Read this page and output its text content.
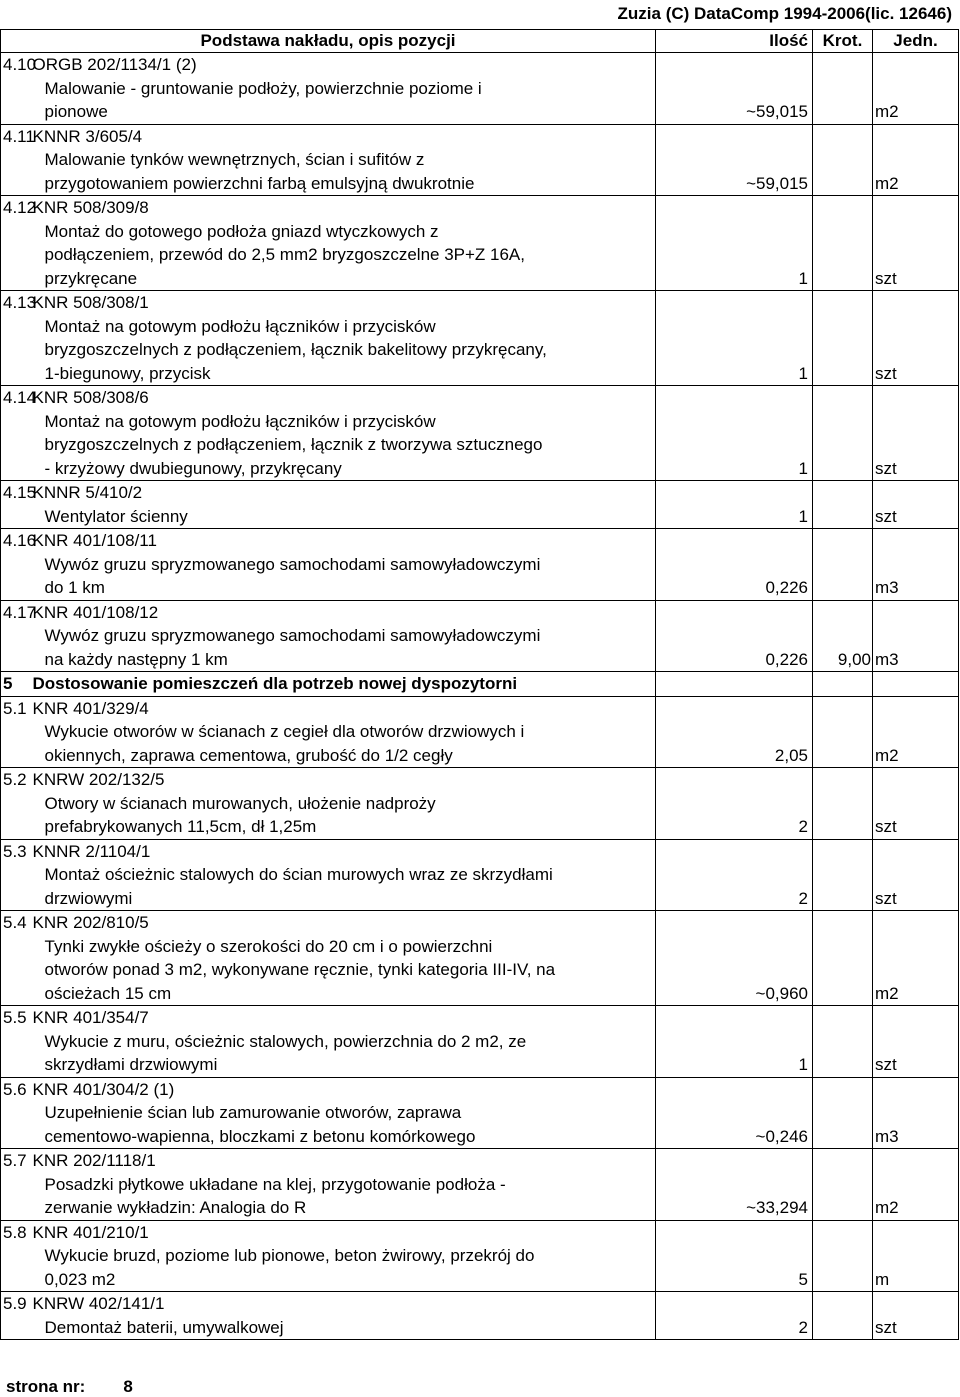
Zuzia (C) DataComp 1994-2006(lic. 12646)
Podstawa nakładu, opis pozycji		Ilość	Krot.	Jedn.
4.10	ORGB 202/1134/1 (2)
Malowanie - gruntowanie podłoży, powierzchnie poziome i
pionowe	~59,015		m2
4.11	KNNR 3/605/4
Malowanie tynków wewnętrznych, ścian i sufitów z
przygotowaniem powierzchni farbą emulsyjną dwukrotnie	~59,015		m2
4.12	KNR 508/309/8
Montaż do gotowego podłoża gniazd wtyczkowych z
podłączeniem, przewód do 2,5 mm2 bryzgoszczelne 3P+Z 16A,
przykręcane	1		szt
4.13	KNR 508/308/1
Montaż na gotowym podłożu łączników i przycisków
bryzgoszczelnych z podłączeniem, łącznik bakelitowy przykręcany,
1-biegunowy, przycisk	1		szt
4.14	KNR 508/308/6
Montaż na gotowym podłożu łączników i przycisków
bryzgoszczelnych z podłączeniem, łącznik z tworzywa sztucznego
- krzyżowy dwubiegunowy, przykręcany	1		szt
4.15	KNNR 5/410/2
Wentylator ścienny	1		szt
4.16	KNR 401/108/11
Wywóz gruzu spryzmowanego samochodami samowyładowczymi
do 1 km	0,226		m3
4.17	KNR 401/108/12
Wywóz gruzu spryzmowanego samochodami samowyładowczymi
na każdy następny 1 km	0,226	9,00	m3
5	Dostosowanie pomieszczeń dla potrzeb nowej dyspozytorni			
5.1	KNR 401/329/4
Wykucie otworów w ścianach z cegieł dla otworów drzwiowych i
okiennych, zaprawa cementowa, grubość do 1/2 cegły	2,05		m2
5.2	KNRW 202/132/5
Otwory w ścianach murowanych, ułożenie nadproży
prefabrykowanych 11,5cm, dł 1,25m	2		szt
5.3	KNNR 2/1104/1
Montaż ościeżnic stalowych do ścian murowych wraz ze skrzydłami
drzwiowymi	2		szt
5.4	KNR 202/810/5
Tynki zwykłe ościeży o szerokości do 20 cm i o powierzchni
otworów ponad 3 m2, wykonywane ręcznie, tynki kategoria III-IV, na
ościeżach 15 cm	~0,960		m2
5.5	KNR 401/354/7
Wykucie z muru, ościeżnic stalowych, powierzchnia do 2 m2, ze
skrzydłami drzwiowymi	1		szt
5.6	KNR 401/304/2 (1)
Uzupełnienie ścian lub zamurowanie otworów, zaprawa
cementowo-wapienna, bloczkami z betonu komórkowego	~0,246		m3
5.7	KNR 202/1118/1
Posadzki płytkowe układane na klej, przygotowanie podłoża -
zerwanie wykładzin: Analogia do R	~33,294		m2
5.8	KNR 401/210/1
Wykucie bruzd, poziome lub pionowe, beton żwirowy, przekrój do
0,023 m2	5		m
5.9	KNRW 402/141/1
Demontaż baterii, umywalkowej	2		szt
strona nr: 8
